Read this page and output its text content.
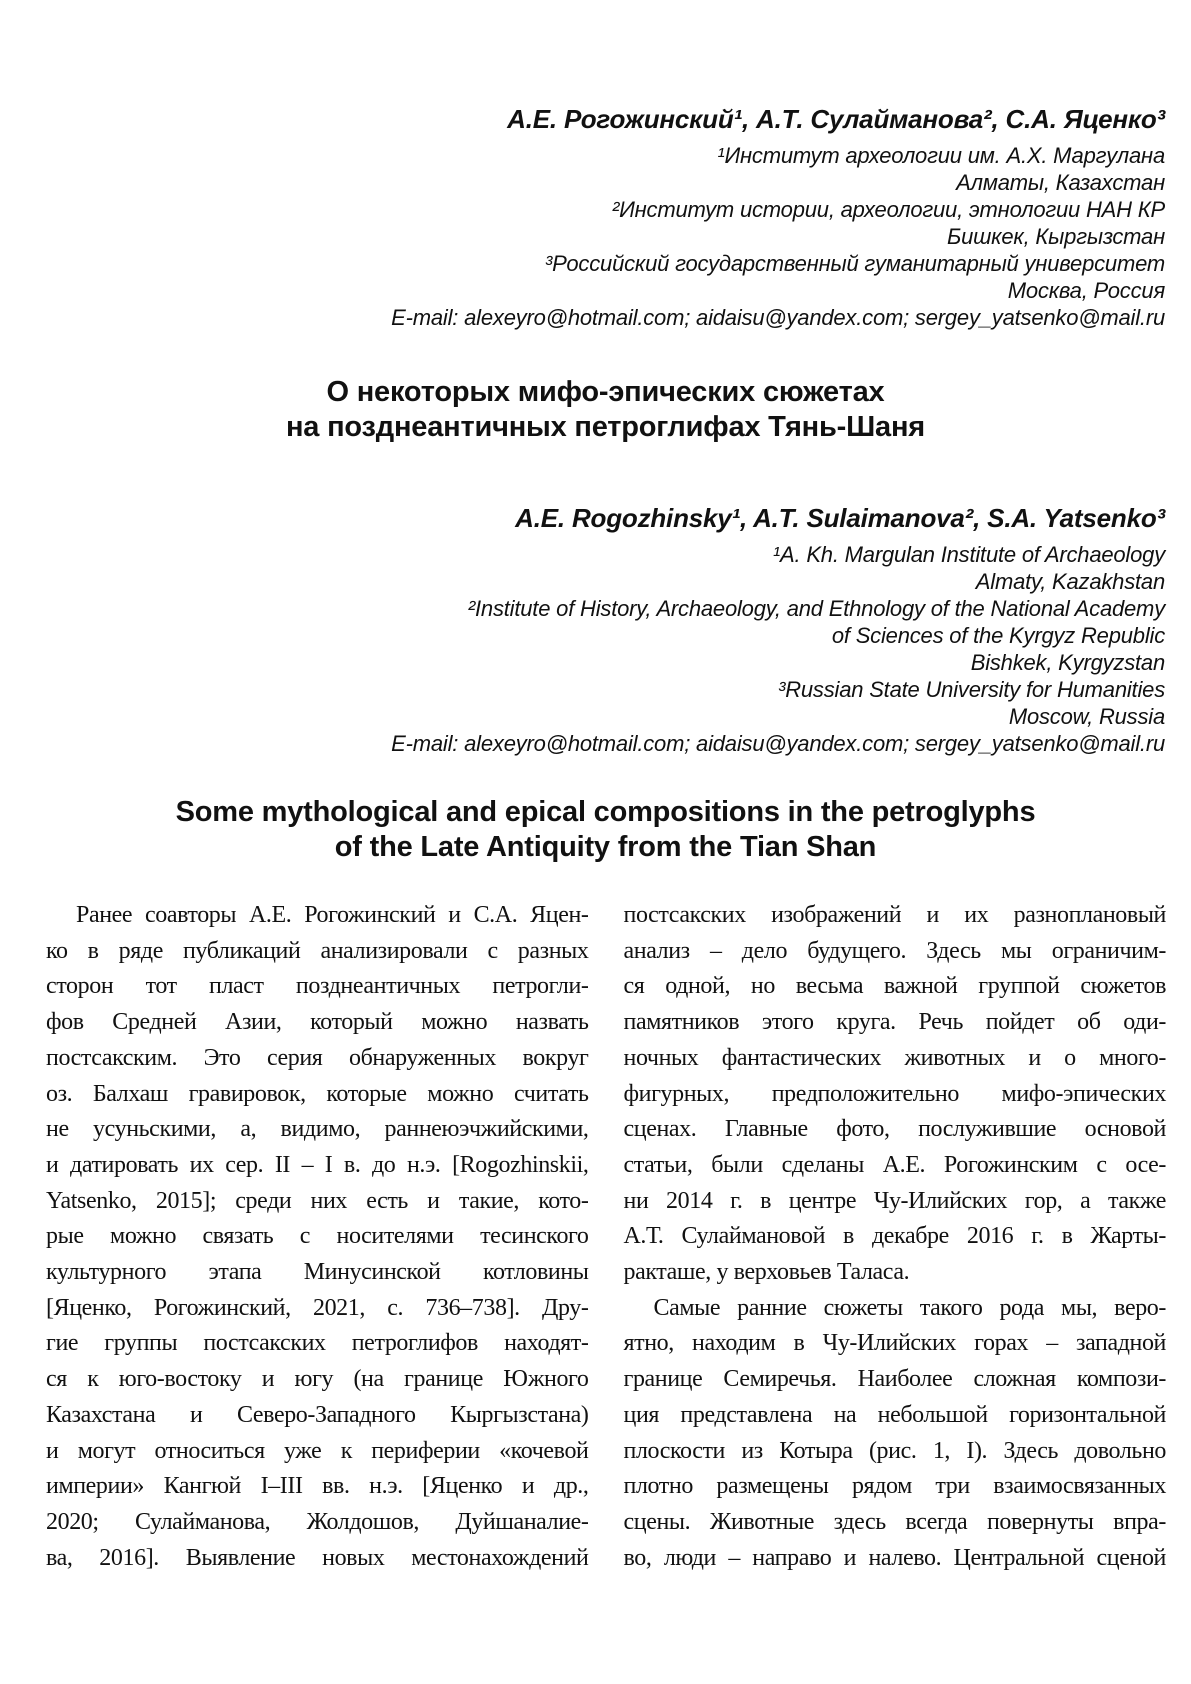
А.Е. Рогожинский¹, А.Т. Сулайманова², С.А. Яценко³
¹Институт археологии им. А.Х. Маргулана
Алматы, Казахстан
²Институт истории, археологии, этнологии НАН КР
Бишкек, Кыргызстан
³Российский государственный гуманитарный университет
Москва, Россия
E-mail: alexeyro@hotmail.com; aidaisu@yandex.com; sergey_yatsenko@mail.ru
О некоторых мифо-эпических сюжетах
на позднеантичных петроглифах Тянь-Шаня
A.E. Rogozhinsky¹, A.T. Sulaimanova², S.A. Yatsenko³
¹A. Kh. Margulan Institute of Archaeology
Almaty, Kazakhstan
²Institute of History, Archaeology, and Ethnology of the National Academy
of Sciences of the Kyrgyz Republic
Bishkek, Kyrgyzstan
³Russian State University for Humanities
Moscow, Russia
E-mail: alexeyro@hotmail.com; aidaisu@yandex.com; sergey_yatsenko@mail.ru
Some mythological and epical compositions in the petroglyphs
of the Late Antiquity from the Tian Shan
Ранее соавторы А.Е. Рогожинский и С.А. Яцен-
ко в ряде публикаций анализировали с разных
сторон тот пласт позднеантичных петрогли-
фов Средней Азии, который можно назвать
постсакским. Это серия обнаруженных вокруг
оз. Балхаш гравировок, которые можно считать
не усуньскими, а, видимо, раннеюэчжийскими,
и датировать их сер. II – I в. до н.э. [Rogozhinskii,
Yatsenko, 2015]; среди них есть и такие, кото-
рые можно связать с носителями тесинского
культурного этапа Минусинской котловины
[Яценко, Рогожинский, 2021, с. 736–738]. Дру-
гие группы постсакских петроглифов находят-
ся к юго-востоку и югу (на границе Южного
Казахстана и Северо-Западного Кыргызстана)
и могут относиться уже к периферии «кочевой
империи» Кангюй I–III вв. н.э. [Яценко и др.,
2020; Сулайманова, Жолдошов, Дуйшаналие-
ва, 2016]. Выявление новых местонахождений
постсакских изображений и их разноплановый
анализ – дело будущего. Здесь мы ограничим-
ся одной, но весьма важной группой сюжетов
памятников этого круга. Речь пойдет об оди-
ночных фантастических животных и о много-
фигурных, предположительно мифо-эпических
сценах. Главные фото, послужившие основой
статьи, были сделаны А.Е. Рогожинским с осе-
ни 2014 г. в центре Чу-Илийских гор, а также
А.Т. Сулаймановой в декабре 2016 г. в Жарты-
ракташе, у верховьев Таласа.
Самые ранние сюжеты такого рода мы, веро-
ятно, находим в Чу-Илийских горах – западной
границе Семиречья. Наиболее сложная компози-
ция представлена на небольшой горизонтальной
плоскости из Котыра (рис. 1, I). Здесь довольно
плотно размещены рядом три взаимосвязанных
сцены. Животные здесь всегда повернуты впра-
во, люди – направо и налево. Центральной сценой
